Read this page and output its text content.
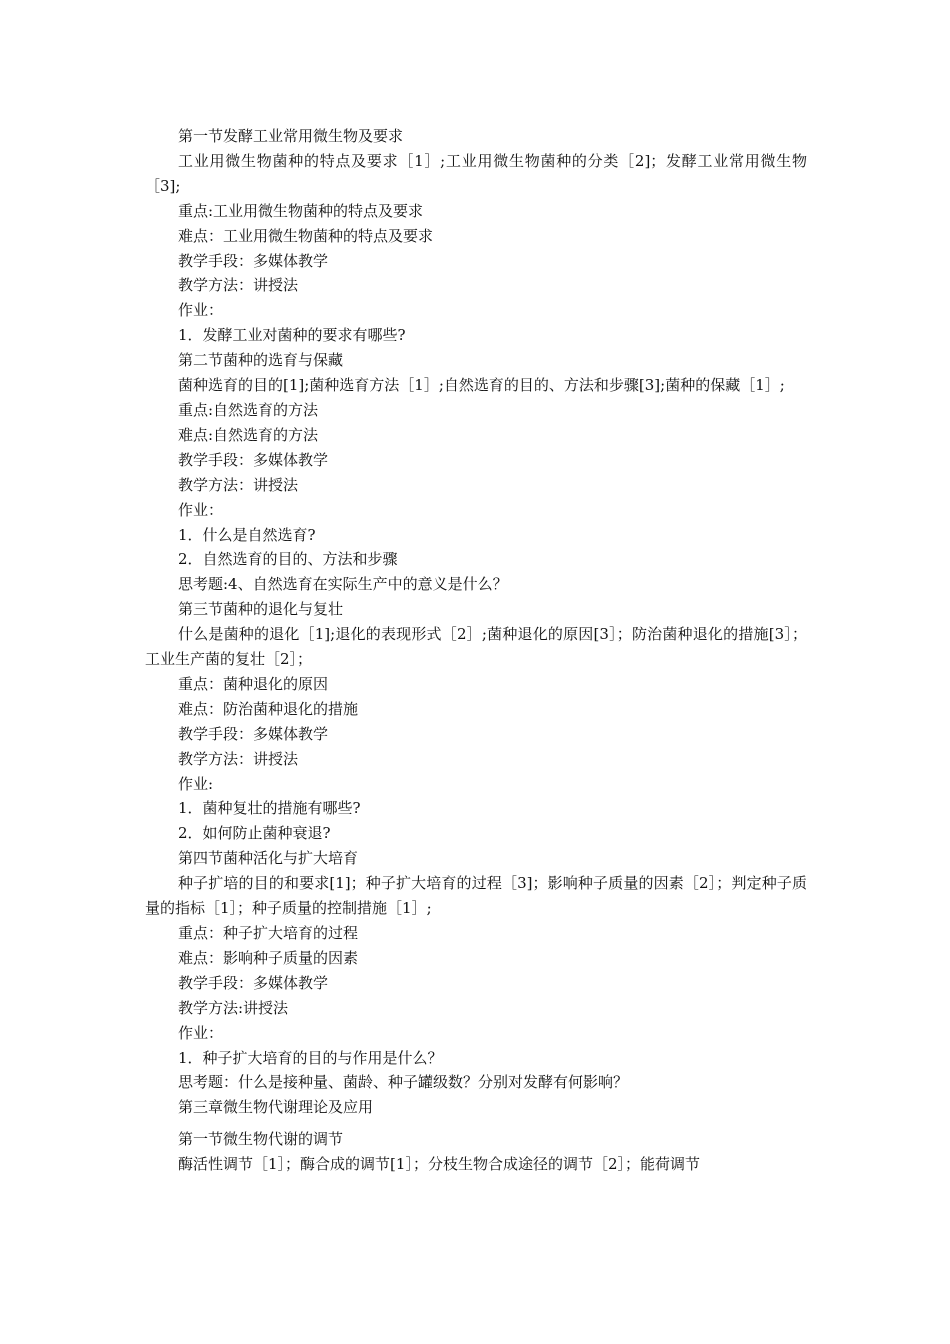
第一节发酵工业常用微生物及要求

工业用微生物菌种的特点及要求［1］;工业用微生物菌种的分类［2]；发酵工业常用微生物［3];

重点:工业用微生物菌种的特点及要求

难点：工业用微生物菌种的特点及要求

教学手段：多媒体教学

教学方法：讲授法

作业：

1．发酵工业对菌种的要求有哪些?

第二节菌种的选育与保藏

菌种选育的目的[1];菌种选育方法［1］;自然选育的目的、方法和步骤[3];菌种的保藏［1］;

重点:自然选育的方法

难点:自然选育的方法

教学手段：多媒体教学

教学方法：讲授法

作业：

1．什么是自然选育?

2．自然选育的目的、方法和步骤

思考题:4、自然选育在实际生产中的意义是什么？

第三节菌种的退化与复壮

什么是菌种的退化［1];退化的表现形式［2］;菌种退化的原因[3］；防治菌种退化的措施[3］；工业生产菌的复壮［2］；

重点：菌种退化的原因

难点：防治菌种退化的措施

教学手段：多媒体教学

教学方法：讲授法

作业:

1．菌种复壮的措施有哪些?

2．如何防止菌种衰退?

第四节菌种活化与扩大培育

种子扩培的目的和要求[1]；种子扩大培育的过程［3]；影响种子质量的因素［2］；判定种子质量的指标［1］；种子质量的控制措施［1］;

重点：种子扩大培育的过程

难点：影响种子质量的因素

教学手段：多媒体教学

教学方法:讲授法

作业：

1．种子扩大培育的目的与作用是什么？

思考题：什么是接种量、菌龄、种子罐级数？分别对发酵有何影响？

第三章微生物代谢理论及应用

第一节微生物代谢的调节

酶活性调节［1］；酶合成的调节[1］；分枝生物合成途径的调节［2］；能荷调节
